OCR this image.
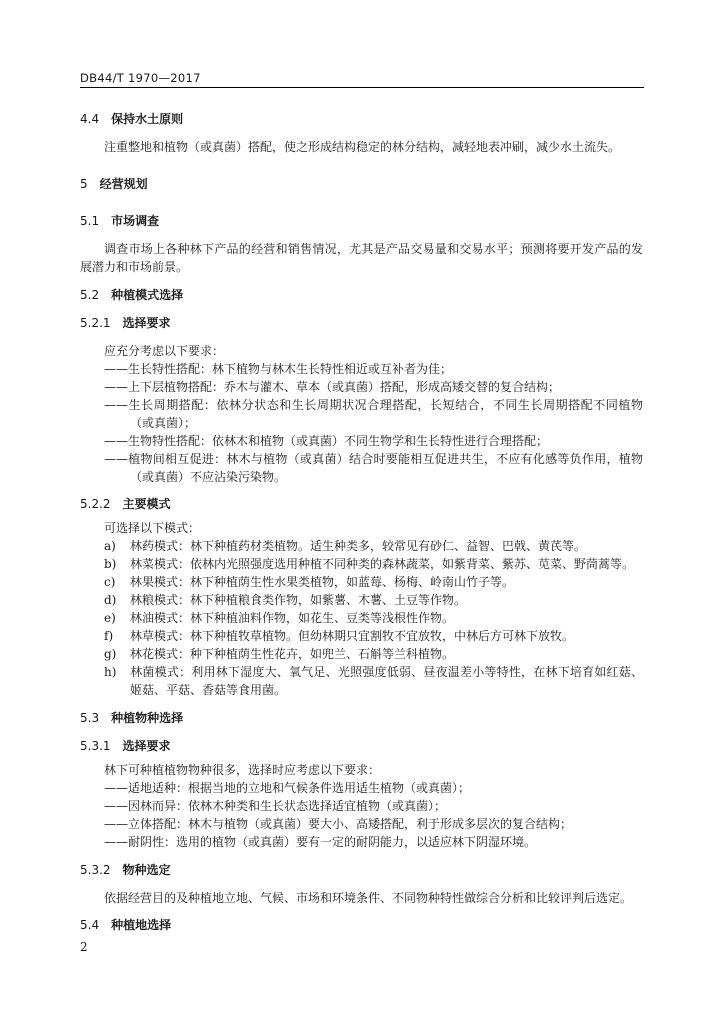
DB44/T 1970—2017

4.4 保持水土原则

注重整地和植物（或真菌）搭配，使之形成结构稳定的林分结构，减轻地表冲刷，减少水土流失。

5 经营规划

5.1 市场调查

调查市场上各种林下产品的经营和销售情况，尤其是产品交易量和交易水平；预测将要开发产品的发展潜力和市场前景。

5.2 种植模式选择

5.2.1 选择要求

应充分考虑以下要求：

——生长特性搭配：林下植物与林木生长特性相近或互补者为佳；

——上下层植物搭配：乔木与灌木、草本（或真菌）搭配，形成高矮交替的复合结构；

——生长周期搭配：依林分状态和生长周期状况合理搭配，长短结合，不同生长周期搭配不同植物（或真菌）；

——生物特性搭配：依林木和植物（或真菌）不同生物学和生长特性进行合理搭配；

——植物间相互促进：林木与植物（或真菌）结合时要能相互促进共生，不应有化感等负作用，植物（或真菌）不应沾染污染物。

5.2.2 主要模式

可选择以下模式：

a) 林药模式：林下种植药材类植物。适生种类多，较常见有砂仁、益智、巴戟、黄芪等。

b) 林菜模式：依林内光照强度选用种植不同种类的森林蔬菜，如紫背菜、紫苏、苋菜、野茼蒿等。

c) 林果模式：林下种植荫生性水果类植物，如蓝莓、杨梅、岭南山竹子等。

d) 林粮模式：林下种植粮食类作物，如紫薯、木薯、土豆等作物。

e) 林油模式：林下种植油料作物，如花生、豆类等浅根性作物。

f) 林草模式：林下种植牧草植物。但幼林期只宜割牧不宜放牧，中林后方可林下放牧。

g) 林花模式：种下种植荫生性花卉，如兜兰、石斛等兰科植物。

h) 林菌模式：利用林下湿度大、氧气足、光照强度低弱、昼夜温差小等特性，在林下培育如红菇、姬菇、平菇、香菇等食用菌。

5.3 种植物种选择

5.3.1 选择要求

林下可种植植物物种很多，选择时应考虑以下要求：

——适地适种：根据当地的立地和气候条件选用适生植物（或真菌）；

——因林而异：依林木种类和生长状态选择适宜植物（或真菌）；

——立体搭配：林木与植物（或真菌）要大小、高矮搭配，利于形成多层次的复合结构；

——耐阴性：选用的植物（或真菌）要有一定的耐阴能力，以适应林下阴湿环境。

5.3.2 物种选定

依据经营目的及种植地立地、气候、市场和环境条件、不同物种特性做综合分析和比较评判后选定。

5.4 种植地选择

2
